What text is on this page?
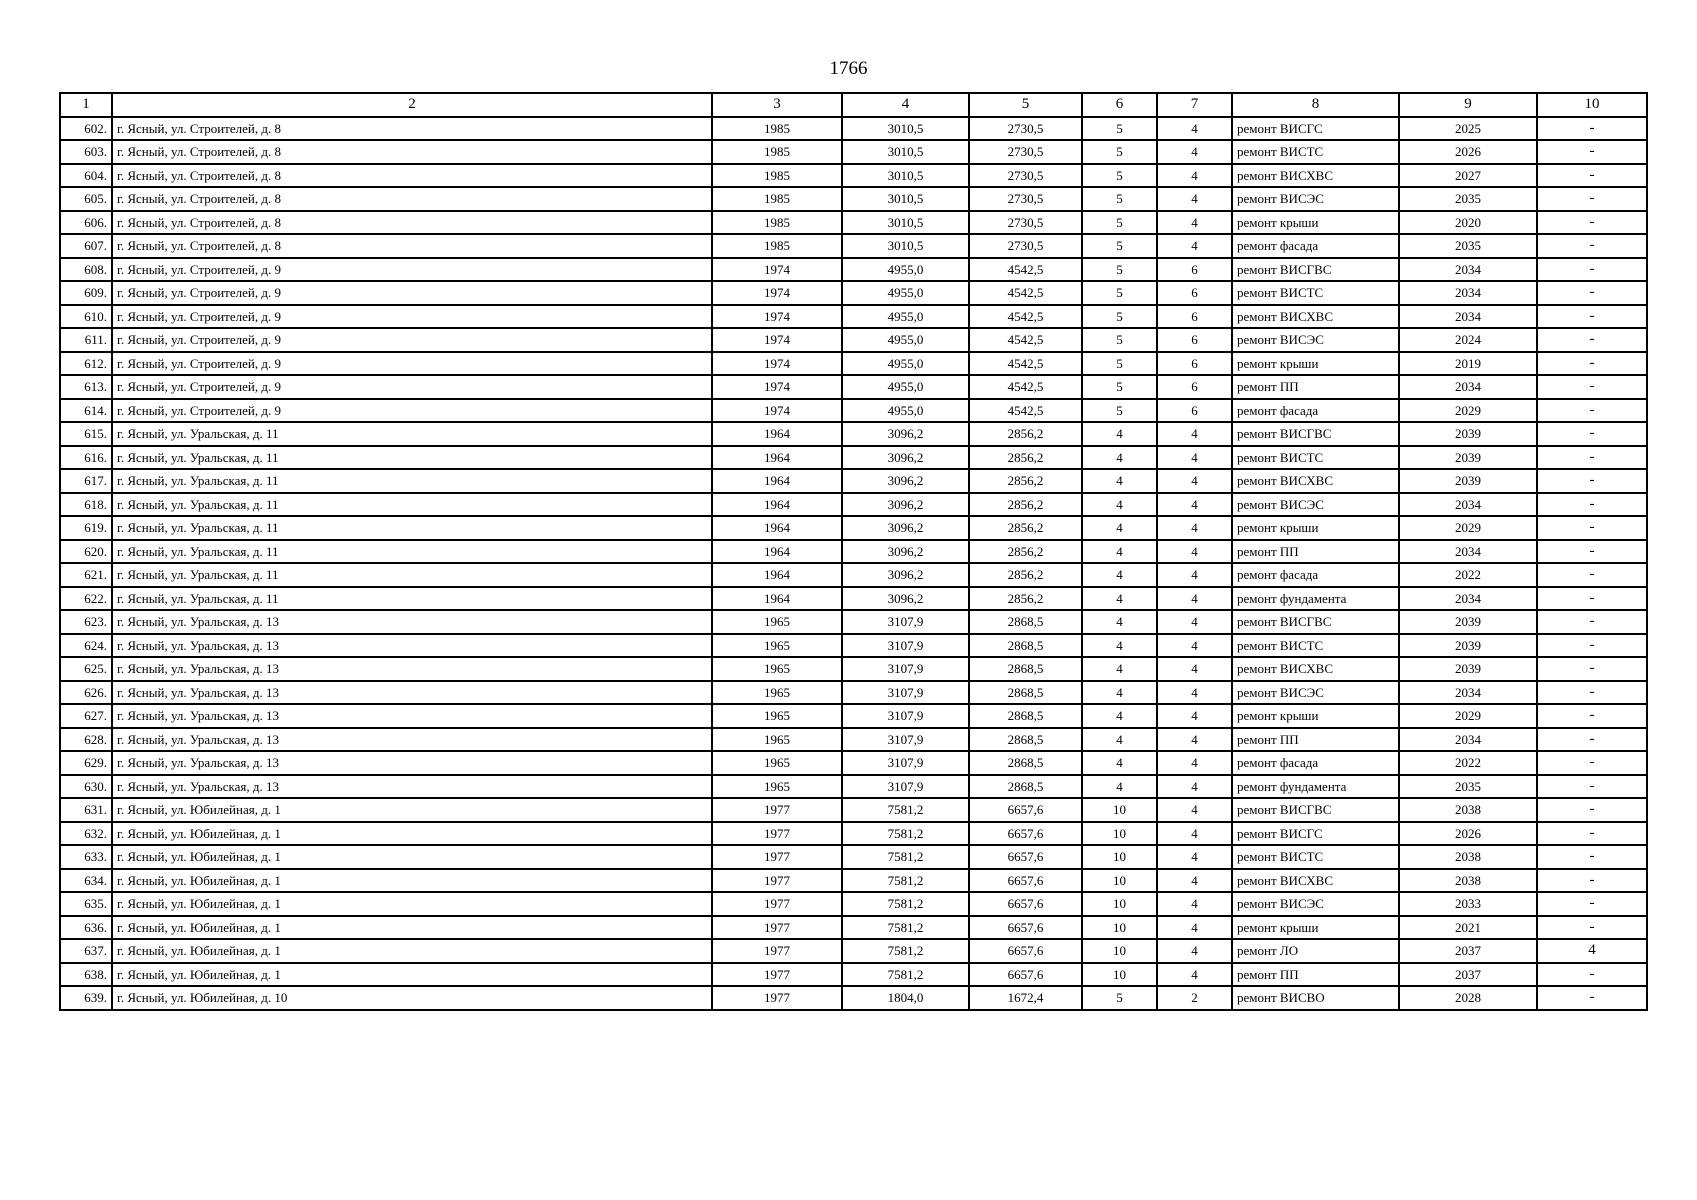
1766
1	2	3	4	5	6	7	8	9	10
602.	г. Ясный, ул. Строителей, д. 8	1985	3010,5	2730,5	5	4	ремонт ВИСГС	2025	-
603.	г. Ясный, ул. Строителей, д. 8	1985	3010,5	2730,5	5	4	ремонт ВИСТС	2026	-
604.	г. Ясный, ул. Строителей, д. 8	1985	3010,5	2730,5	5	4	ремонт ВИСХВС	2027	-
605.	г. Ясный, ул. Строителей, д. 8	1985	3010,5	2730,5	5	4	ремонт ВИСЭС	2035	-
606.	г. Ясный, ул. Строителей, д. 8	1985	3010,5	2730,5	5	4	ремонт крыши	2020	-
607.	г. Ясный, ул. Строителей, д. 8	1985	3010,5	2730,5	5	4	ремонт фасада	2035	-
608.	г. Ясный, ул. Строителей, д. 9	1974	4955,0	4542,5	5	6	ремонт ВИСГВС	2034	-
609.	г. Ясный, ул. Строителей, д. 9	1974	4955,0	4542,5	5	6	ремонт ВИСТС	2034	-
610.	г. Ясный, ул. Строителей, д. 9	1974	4955,0	4542,5	5	6	ремонт ВИСХВС	2034	-
611.	г. Ясный, ул. Строителей, д. 9	1974	4955,0	4542,5	5	6	ремонт ВИСЭС	2024	-
612.	г. Ясный, ул. Строителей, д. 9	1974	4955,0	4542,5	5	6	ремонт крыши	2019	-
613.	г. Ясный, ул. Строителей, д. 9	1974	4955,0	4542,5	5	6	ремонт ПП	2034	-
614.	г. Ясный, ул. Строителей, д. 9	1974	4955,0	4542,5	5	6	ремонт фасада	2029	-
615.	г. Ясный, ул. Уральская, д. 11	1964	3096,2	2856,2	4	4	ремонт ВИСГВС	2039	-
616.	г. Ясный, ул. Уральская, д. 11	1964	3096,2	2856,2	4	4	ремонт ВИСТС	2039	-
617.	г. Ясный, ул. Уральская, д. 11	1964	3096,2	2856,2	4	4	ремонт ВИСХВС	2039	-
618.	г. Ясный, ул. Уральская, д. 11	1964	3096,2	2856,2	4	4	ремонт ВИСЭС	2034	-
619.	г. Ясный, ул. Уральская, д. 11	1964	3096,2	2856,2	4	4	ремонт крыши	2029	-
620.	г. Ясный, ул. Уральская, д. 11	1964	3096,2	2856,2	4	4	ремонт ПП	2034	-
621.	г. Ясный, ул. Уральская, д. 11	1964	3096,2	2856,2	4	4	ремонт фасада	2022	-
622.	г. Ясный, ул. Уральская, д. 11	1964	3096,2	2856,2	4	4	ремонт фундамента	2034	-
623.	г. Ясный, ул. Уральская, д. 13	1965	3107,9	2868,5	4	4	ремонт ВИСГВС	2039	-
624.	г. Ясный, ул. Уральская, д. 13	1965	3107,9	2868,5	4	4	ремонт ВИСТС	2039	-
625.	г. Ясный, ул. Уральская, д. 13	1965	3107,9	2868,5	4	4	ремонт ВИСХВС	2039	-
626.	г. Ясный, ул. Уральская, д. 13	1965	3107,9	2868,5	4	4	ремонт ВИСЭС	2034	-
627.	г. Ясный, ул. Уральская, д. 13	1965	3107,9	2868,5	4	4	ремонт крыши	2029	-
628.	г. Ясный, ул. Уральская, д. 13	1965	3107,9	2868,5	4	4	ремонт ПП	2034	-
629.	г. Ясный, ул. Уральская, д. 13	1965	3107,9	2868,5	4	4	ремонт фасада	2022	-
630.	г. Ясный, ул. Уральская, д. 13	1965	3107,9	2868,5	4	4	ремонт фундамента	2035	-
631.	г. Ясный, ул. Юбилейная, д. 1	1977	7581,2	6657,6	10	4	ремонт ВИСГВС	2038	-
632.	г. Ясный, ул. Юбилейная, д. 1	1977	7581,2	6657,6	10	4	ремонт ВИСГС	2026	-
633.	г. Ясный, ул. Юбилейная, д. 1	1977	7581,2	6657,6	10	4	ремонт ВИСТС	2038	-
634.	г. Ясный, ул. Юбилейная, д. 1	1977	7581,2	6657,6	10	4	ремонт ВИСХВС	2038	-
635.	г. Ясный, ул. Юбилейная, д. 1	1977	7581,2	6657,6	10	4	ремонт ВИСЭС	2033	-
636.	г. Ясный, ул. Юбилейная, д. 1	1977	7581,2	6657,6	10	4	ремонт крыши	2021	-
637.	г. Ясный, ул. Юбилейная, д. 1	1977	7581,2	6657,6	10	4	ремонт ЛО	2037	4
638.	г. Ясный, ул. Юбилейная, д. 1	1977	7581,2	6657,6	10	4	ремонт ПП	2037	-
639.	г. Ясный, ул. Юбилейная, д. 10	1977	1804,0	1672,4	5	2	ремонт ВИСВО	2028	-
